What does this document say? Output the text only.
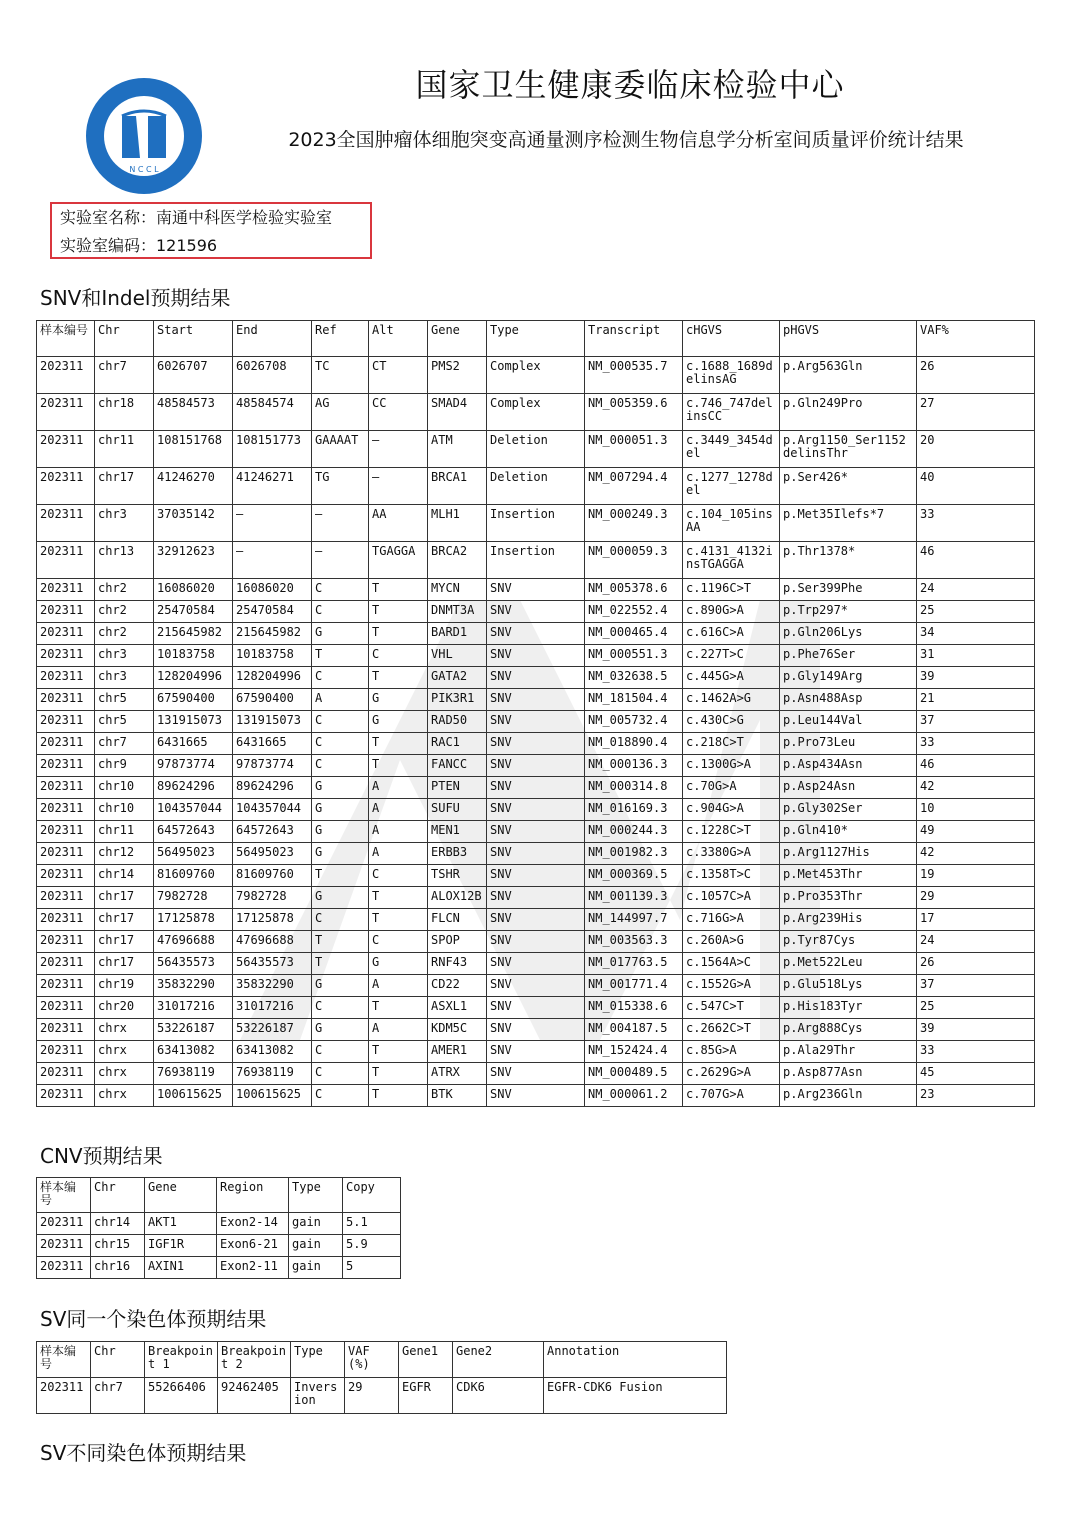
N C C L
国家卫生健康委临床检验中心
2023全国肿瘤体细胞突变高通量测序检测生物信息学分析室间质量评价统计结果
实验室名称：南通中科医学检验实验室
实验室编码：121596
SNV和Indel预期结果
样本编号	Chr	Start	End	Ref	Alt	Gene	Type	Transcript	cHGVS	pHGVS	VAF%
202311	chr7	6026707	6026708	TC	CT	PMS2	Complex	NM_000535.7	c.1688_1689delinsAG	p.Arg563Gln	26
202311	chr18	48584573	48584574	AG	CC	SMAD4	Complex	NM_005359.6	c.746_747delinsCC	p.Gln249Pro	27
202311	chr11	108151768	108151773	GAAAAT	–	ATM	Deletion	NM_000051.3	c.3449_3454del	p.Arg1150_Ser1152delinsThr	20
202311	chr17	41246270	41246271	TG	–	BRCA1	Deletion	NM_007294.4	c.1277_1278del	p.Ser426*	40
202311	chr3	37035142	–	–	AA	MLH1	Insertion	NM_000249.3	c.104_105insAA	p.Met35Ilefs*7	33
202311	chr13	32912623	–	–	TGAGGA	BRCA2	Insertion	NM_000059.3	c.4131_4132insTGAGGA	p.Thr1378*	46
202311	chr2	16086020	16086020	C	T	MYCN	SNV	NM_005378.6	c.1196C>T	p.Ser399Phe	24
202311	chr2	25470584	25470584	C	T	DNMT3A	SNV	NM_022552.4	c.890G>A	p.Trp297*	25
202311	chr2	215645982	215645982	G	T	BARD1	SNV	NM_000465.4	c.616C>A	p.Gln206Lys	34
202311	chr3	10183758	10183758	T	C	VHL	SNV	NM_000551.3	c.227T>C	p.Phe76Ser	31
202311	chr3	128204996	128204996	C	T	GATA2	SNV	NM_032638.5	c.445G>A	p.Gly149Arg	39
202311	chr5	67590400	67590400	A	G	PIK3R1	SNV	NM_181504.4	c.1462A>G	p.Asn488Asp	21
202311	chr5	131915073	131915073	C	G	RAD50	SNV	NM_005732.4	c.430C>G	p.Leu144Val	37
202311	chr7	6431665	6431665	C	T	RAC1	SNV	NM_018890.4	c.218C>T	p.Pro73Leu	33
202311	chr9	97873774	97873774	C	T	FANCC	SNV	NM_000136.3	c.1300G>A	p.Asp434Asn	46
202311	chr10	89624296	89624296	G	A	PTEN	SNV	NM_000314.8	c.70G>A	p.Asp24Asn	42
202311	chr10	104357044	104357044	G	A	SUFU	SNV	NM_016169.3	c.904G>A	p.Gly302Ser	10
202311	chr11	64572643	64572643	G	A	MEN1	SNV	NM_000244.3	c.1228C>T	p.Gln410*	49
202311	chr12	56495023	56495023	G	A	ERBB3	SNV	NM_001982.3	c.3380G>A	p.Arg1127His	42
202311	chr14	81609760	81609760	T	C	TSHR	SNV	NM_000369.5	c.1358T>C	p.Met453Thr	19
202311	chr17	7982728	7982728	G	T	ALOX12B	SNV	NM_001139.3	c.1057C>A	p.Pro353Thr	29
202311	chr17	17125878	17125878	C	T	FLCN	SNV	NM_144997.7	c.716G>A	p.Arg239His	17
202311	chr17	47696688	47696688	T	C	SPOP	SNV	NM_003563.3	c.260A>G	p.Tyr87Cys	24
202311	chr17	56435573	56435573	T	G	RNF43	SNV	NM_017763.5	c.1564A>C	p.Met522Leu	26
202311	chr19	35832290	35832290	G	A	CD22	SNV	NM_001771.4	c.1552G>A	p.Glu518Lys	37
202311	chr20	31017216	31017216	C	T	ASXL1	SNV	NM_015338.6	c.547C>T	p.His183Tyr	25
202311	chrx	53226187	53226187	G	A	KDM5C	SNV	NM_004187.5	c.2662C>T	p.Arg888Cys	39
202311	chrx	63413082	63413082	C	T	AMER1	SNV	NM_152424.4	c.85G>A	p.Ala29Thr	33
202311	chrx	76938119	76938119	C	T	ATRX	SNV	NM_000489.5	c.2629G>A	p.Asp877Asn	45
202311	chrx	100615625	100615625	C	T	BTK	SNV	NM_000061.2	c.707G>A	p.Arg236Gln	23
CNV预期结果
样本编号	Chr	Gene	Region	Type	Copy
202311	chr14	AKT1	Exon2-14	gain	5.1
202311	chr15	IGF1R	Exon6-21	gain	5.9
202311	chr16	AXIN1	Exon2-11	gain	5
SV同一个染色体预期结果
样本编号	Chr	Breakpoint 1	Breakpoint 2	Type	VAF (%)	Gene1	Gene2	Annotation
202311	chr7	55266406	92462405	Inversion	29	EGFR	CDK6	EGFR-CDK6 Fusion
SV不同染色体预期结果
